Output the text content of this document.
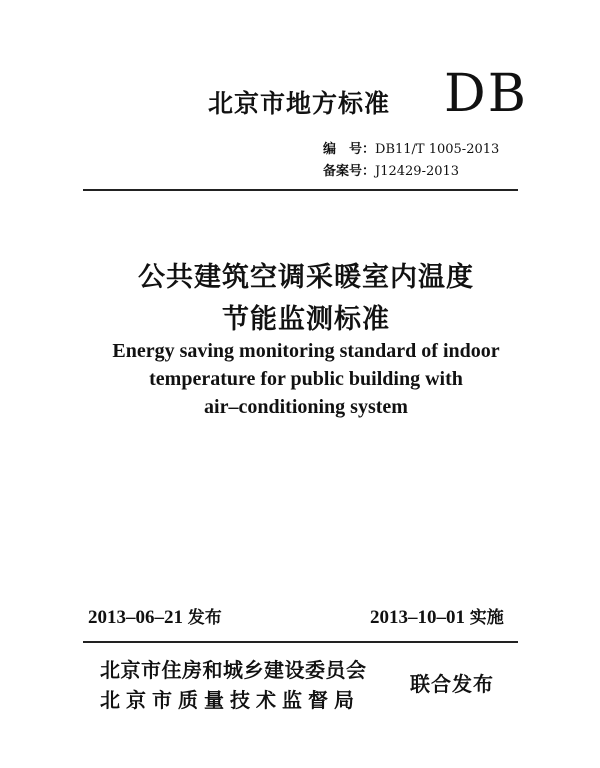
北京市地方标准 DB
编　号：DB11/T 1005-2013
备案号：J12429-2013
公共建筑空调采暖室内温度
节能监测标准
Energy saving monitoring standard of indoor
temperature for public building with
air–conditioning system
2013–06–21 发布	2013–10–01 实施
北京市住房和城乡建设委员会
北京市质量技术监督局
联合发布
